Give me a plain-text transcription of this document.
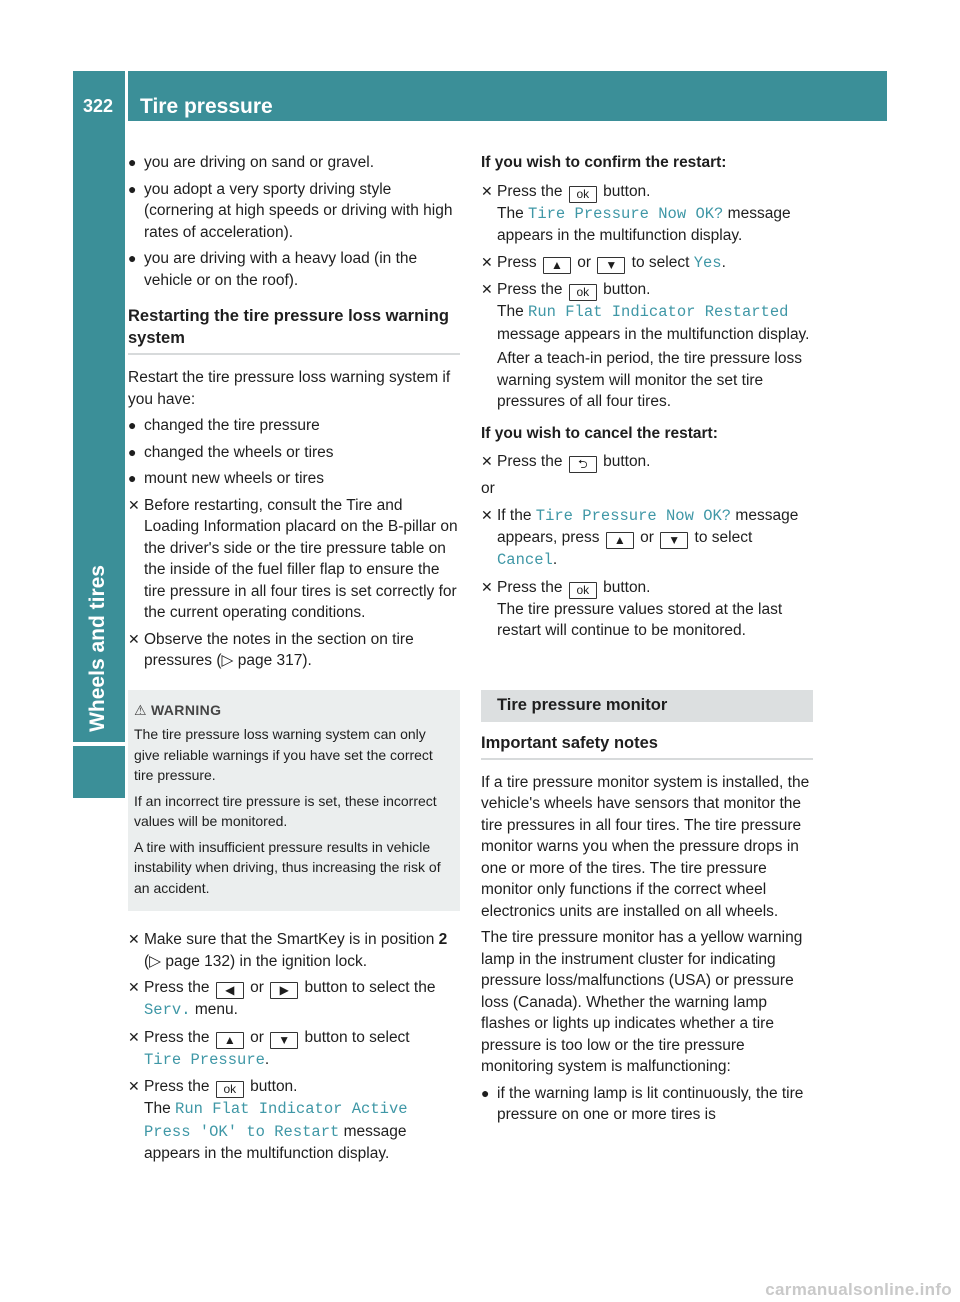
322 Tire pressure
Wheels and tires
● you are driving on sand or gravel.
● you adopt a very sporty driving style (cornering at high speeds or driving with high rates of acceleration).
● you are driving with a heavy load (in the vehicle or on the roof).
Restarting the tire pressure loss warning system

Restart the tire pressure loss warning system if you have:

● changed the tire pressure
● changed the wheels or tires
● mount new wheels or tires
✕ Before restarting, consult the Tire and Loading Information placard on the B-pillar on the driver's side or the tire pressure table on the inside of the fuel filler flap to ensure the tire pressure in all four tires is set correctly for the current operating conditions.
✕ Observe the notes in the section on tire pressures (▷ page 317).
⚠ WARNING

The tire pressure loss warning system can only give reliable warnings if you have set the correct tire pressure.

If an incorrect tire pressure is set, these incorrect values will be monitored.

A tire with insufficient pressure results in vehicle instability when driving, thus increasing the risk of an accident.

✕ Make sure that the SmartKey is in position 2 (▷ page 132) in the ignition lock.
✕ Press the ◀ or ▶ button to select the Serv. menu.
✕ Press the ▲ or ▼ button to select
Tire Pressure.
✕ Press the ok button.
The Run Flat Indicator Active
Press 'OK' to Restart message appears in the multifunction display.
If you wish to confirm the restart:
✕ Press the ok button.
The Tire Pressure Now OK? message appears in the multifunction display.
✕ Press ▲ or ▼ to select Yes.
✕ Press the ok button.
The Run Flat Indicator Restarted message appears in the multifunction display.
After a teach-in period, the tire pressure loss warning system will monitor the set tire pressures of all four tires.
If you wish to cancel the restart:
✕ Press the ⮌ button.

or

✕ If the Tire Pressure Now OK? message appears, press ▲ or ▼ to select
Cancel.
✕ Press the ok button.
The tire pressure values stored at the last restart will continue to be monitored.
Tire pressure monitor
Important safety notes

If a tire pressure monitor system is installed, the vehicle's wheels have sensors that monitor the tire pressures in all four tires. The tire pressure monitor warns you when the pressure drops in one or more of the tires. The tire pressure monitor only functions if the correct wheel electronics units are installed on all wheels.

The tire pressure monitor has a yellow warning lamp in the instrument cluster for indicating pressure loss/malfunctions (USA) or pressure loss (Canada). Whether the warning lamp flashes or lights up indicates whether a tire pressure is too low or the tire pressure monitoring system is malfunctioning:

● if the warning lamp is lit continuously, the tire pressure on one or more tires is
carmanualsonline.info
